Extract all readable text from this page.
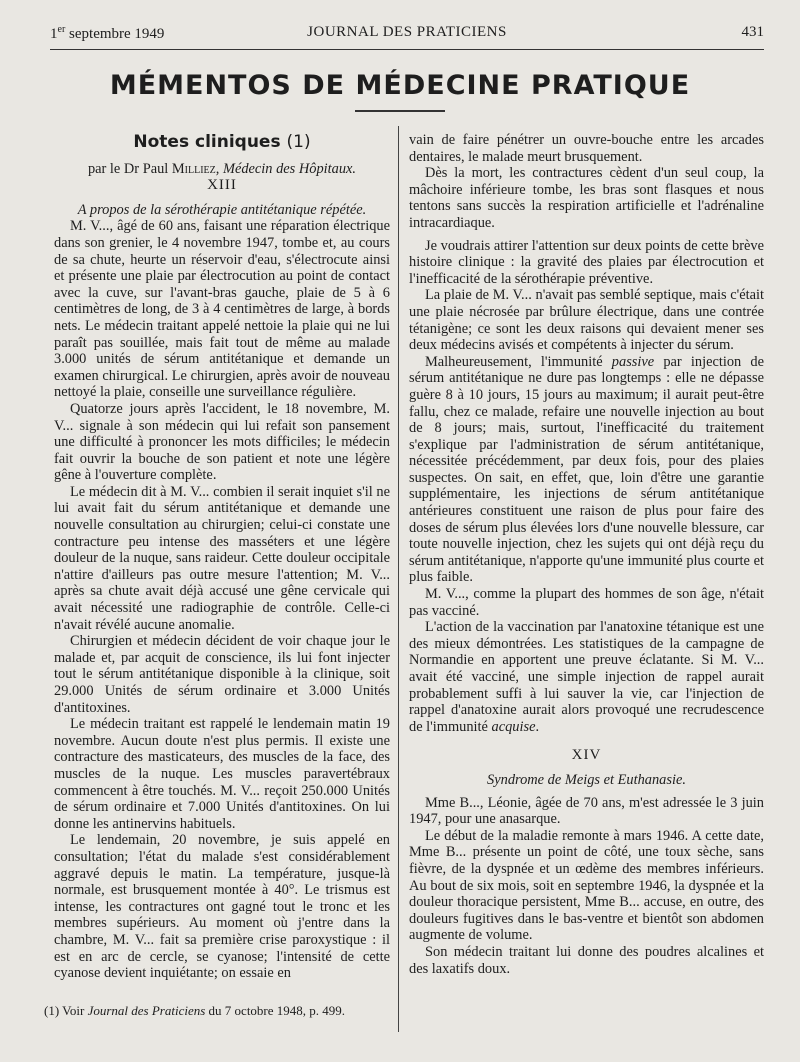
1er septembre 1949	JOURNAL DES PRATICIENS	431
MÉMENTOS DE MÉDECINE PRATIQUE
Notes cliniques (1)

par le Dr Paul Milliez, Médecin des Hôpitaux.

XIII

A propos de la sérothérapie antitétanique répétée.

M. V..., âgé de 60 ans, faisant une réparation électrique dans son grenier, le 4 novembre 1947, tombe et, au cours de sa chute, heurte un réservoir d'eau, s'électrocute ainsi et présente une plaie par électrocution au point de contact avec la cuve, sur l'avant-bras gauche, plaie de 5 à 6 centimètres de long, de 3 à 4 centimètres de large, à bords nets. Le médecin traitant appelé nettoie la plaie qui ne lui paraît pas souillée, mais fait tout de même au malade 3.000 unités de sérum antitétanique et demande un examen chirurgical. Le chirurgien, après avoir de nouveau nettoyé la plaie, conseille une surveillance régulière.

Quatorze jours après l'accident, le 18 novembre, M. V... signale à son médecin qui lui refait son pansement une difficulté à prononcer les mots difficiles; le médecin fait ouvrir la bouche de son patient et note une légère gêne à l'ouverture complète.

Le médecin dit à M. V... combien il serait inquiet s'il ne lui avait fait du sérum antitétanique et demande une nouvelle consultation au chirurgien; celui-ci constate une contracture peu intense des masséters et une légère douleur de la nuque, sans raideur. Cette douleur occipitale n'attire d'ailleurs pas outre mesure l'attention; M. V... après sa chute avait déjà accusé une gêne cervicale qui avait nécessité une radiographie de contrôle. Celle-ci n'avait révélé aucune anomalie.

Chirurgien et médecin décident de voir chaque jour le malade et, par acquit de conscience, ils lui font injecter tout le sérum antitétanique disponible à la clinique, soit 29.000 Unités de sérum ordinaire et 3.000 Unités d'antitoxines.

Le médecin traitant est rappelé le lendemain matin 19 novembre. Aucun doute n'est plus permis. Il existe une contracture des masticateurs, des muscles de la face, des muscles de la nuque. Les muscles paravertébraux commencent à être touchés. M. V... reçoit 250.000 Unités de sérum ordinaire et 7.000 Unités d'antitoxines. On lui donne les antinervins habituels.

Le lendemain, 20 novembre, je suis appelé en consultation; l'état du malade s'est considérablement aggravé depuis le matin. La température, jusque-là normale, est brusquement montée à 40°. Le trismus est intense, les contractures ont gagné tout le tronc et les membres supérieurs. Au moment où j'entre dans la chambre, M. V... fait sa première crise paroxystique : il est en arc de cercle, se cyanose; l'intensité de cette cyanose devient inquiétante; on essaie en

vain de faire pénétrer un ouvre-bouche entre les arcades dentaires, le malade meurt brusquement.

Dès la mort, les contractures cèdent d'un seul coup, la mâchoire inférieure tombe, les bras sont flasques et nous tentons sans succès la respiration artificielle et l'adrénaline intracardiaque.

Je voudrais attirer l'attention sur deux points de cette brève histoire clinique : la gravité des plaies par électrocution et l'inefficacité de la sérothérapie préventive.

La plaie de M. V... n'avait pas semblé septique, mais c'était une plaie nécrosée par brûlure électrique, dans une contrée tétanigène; ce sont les deux raisons qui devaient mener ses deux médecins avisés et compétents à injecter du sérum.

Malheureusement, l'immunité passive par injection de sérum antitétanique ne dure pas longtemps : elle ne dépasse guère 8 à 10 jours, 15 jours au maximum; il aurait peut-être fallu, chez ce malade, refaire une nouvelle injection au bout de 8 jours; mais, surtout, l'inefficacité du traitement s'explique par l'administration de sérum antitétanique, nécessitée précédemment, par deux fois, pour des plaies suspectes. On sait, en effet, que, loin d'être une garantie supplémentaire, les injections de sérum antitétanique antérieures constituent une raison de plus pour faire des doses de sérum plus élevées lors d'une nouvelle blessure, car toute nouvelle injection, chez les sujets qui ont déjà reçu du sérum antitétanique, n'apporte qu'une immunité plus courte et plus faible.

M. V..., comme la plupart des hommes de son âge, n'était pas vacciné.

L'action de la vaccination par l'anatoxine tétanique est une des mieux démontrées. Les statistiques de la campagne de Normandie en apportent une preuve éclatante. Si M. V... avait été vacciné, une simple injection de rappel aurait probablement suffi à lui sauver la vie, car l'injection de rappel d'anatoxine aurait alors provoqué une recrudescence de l'immunité acquise.

XIV

Syndrome de Meigs et Euthanasie.

Mme B..., Léonie, âgée de 70 ans, m'est adressée le 3 juin 1947, pour une anasarque.

Le début de la maladie remonte à mars 1946. A cette date, Mme B... présente un point de côté, une toux sèche, sans fièvre, de la dyspnée et un œdème des membres inférieurs. Au bout de six mois, soit en septembre 1946, la dyspnée et la douleur thoracique persistent, Mme B... accuse, en outre, des douleurs fugitives dans le bas-ventre et bientôt son abdomen augmente de volume.

Son médecin traitant lui donne des poudres alcalines et des laxatifs doux.

(1) Voir Journal des Praticiens du 7 octobre 1948, p. 499.
